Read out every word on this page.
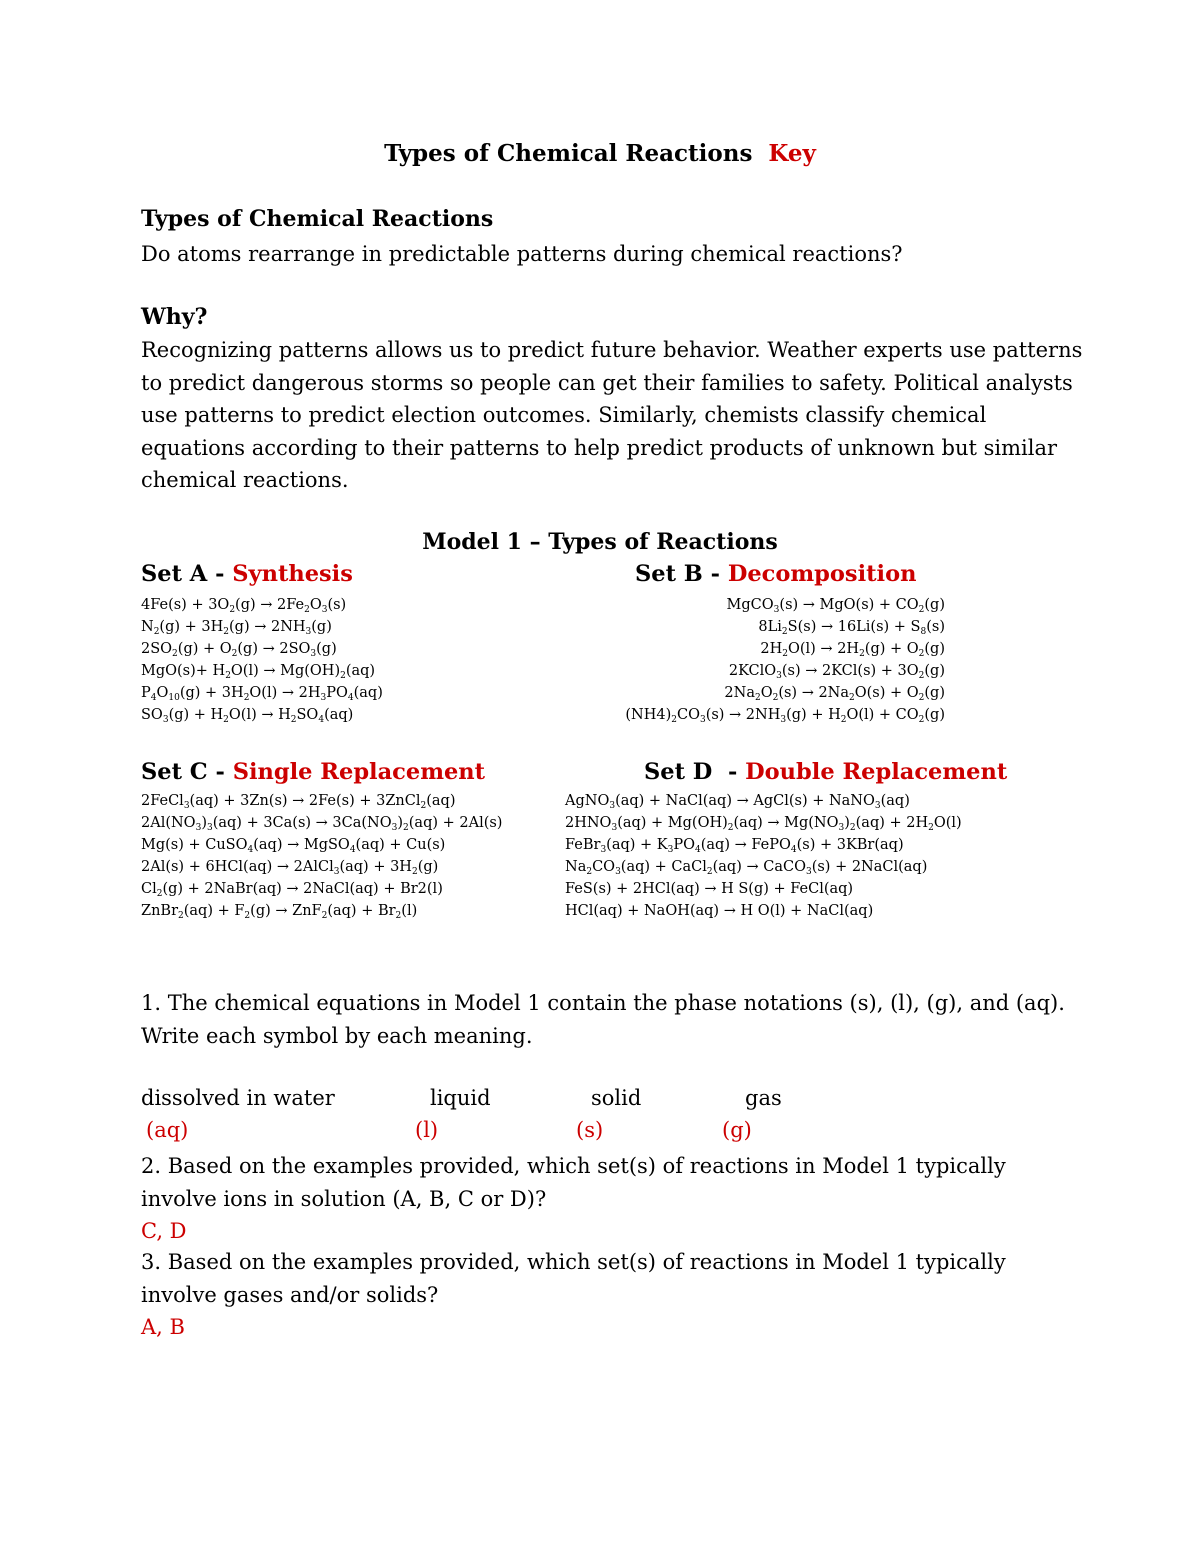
Types of Chemical Reactions Key
Types of Chemical Reactions
Do atoms rearrange in predictable patterns during chemical reactions?
Why?
Recognizing patterns allows us to predict future behavior. Weather experts use patterns
to predict dangerous storms so people can get their families to safety. Political analysts
use patterns to predict election outcomes. Similarly, chemists classify chemical
equations according to their patterns to help predict products of unknown but similar
chemical reactions.
Model 1 – Types of Reactions
Set A - Synthesis	Set B - Decomposition
$4Fe(s) + 3O_2(g) \to 2Fe_2O_3(s)$
$N_2(g) + 3H_2(g) \to 2NH_3(g)$
$2SO_2(g) + O_2(g) \to 2SO_3(g)$
$MgO(s)+ H_2O(l) \to Mg(OH)_2(aq)$
$P_4O_{10}(g) + 3H_2O(l) \to 2H_3PO_4(aq)$
$SO_3(g) + H_2O(l) \to H_2SO_4(aq)$
MgCO$_3$(s) → $MgO(s) + CO_2(g)$
$8Li_2S(s) \to 16Li(s) + S_8(s)$
$2H_2O(l) \to 2H_2(g) + O_2(g)$
2KClO$_3$(s) → $2KCl(s) + 3O_2(g)$
$2Na_2O_2(s) \to 2Na_2O(s) + O_2(g)$
$(NH4)_2CO_3(s) \to 2NH_3(g) + H_2O(l) + CO_2(g)$
Set C - Single Replacement	Set D  - Double Replacement
2FeCl$_3$(aq) + 3Zn(s) → 2Fe(s) + 3ZnCl$_2$(aq)
$2Al(NO_3)_3(aq) + 3Ca(s) \to 3Ca(NO_3)_2(aq) + 2Al(s)$
Mg(s) + CuSO$_4$(aq) → MgSO$_4$(aq) + Cu(s)
2Al(s) + 6HCl(aq) → 2AlCl$_3$(aq) + $3H_2(g)$
$Cl_2(g)$ + 2NaBr(aq) → 2NaCl(aq) + Br2(l)
ZnBr$_2$(aq) + $F_2(g) \to ZnF_2(aq) + Br_2(l)$
AgNO$_3$(aq) + NaCl(aq) → AgCl(s) + NaNO$_3$(aq)
$2HNO_3(aq) + Mg(OH)_2(aq) \to Mg(NO_3)_2(aq) + 2H_2O(l)$
FeBr$_3$(aq) + $K_3PO_4(aq)$ → FePO$_4$(s) + 3KBr(aq)
$Na_2CO_3(aq)$ + CaCl$_2$(aq) → CaCO$_3$(s) + 2NaCl(aq)
FeS(s) + 2HCl(aq) → H S(g) + FeCl(aq)
HCl(aq) + NaOH(aq) → H O(l) + NaCl(aq)
1. The chemical equations in Model 1 contain the phase notations (s), (l), (g), and (aq).
Write each symbol by each meaning.
dissolved in water	liquid	solid	gas
(aq)	(l)	(s)	(g)
2. Based on the examples provided, which set(s) of reactions in Model 1 typically
involve ions in solution (A, B, C or D)?
C, D
3. Based on the examples provided, which set(s) of reactions in Model 1 typically
involve gases and/or solids?
A, B
